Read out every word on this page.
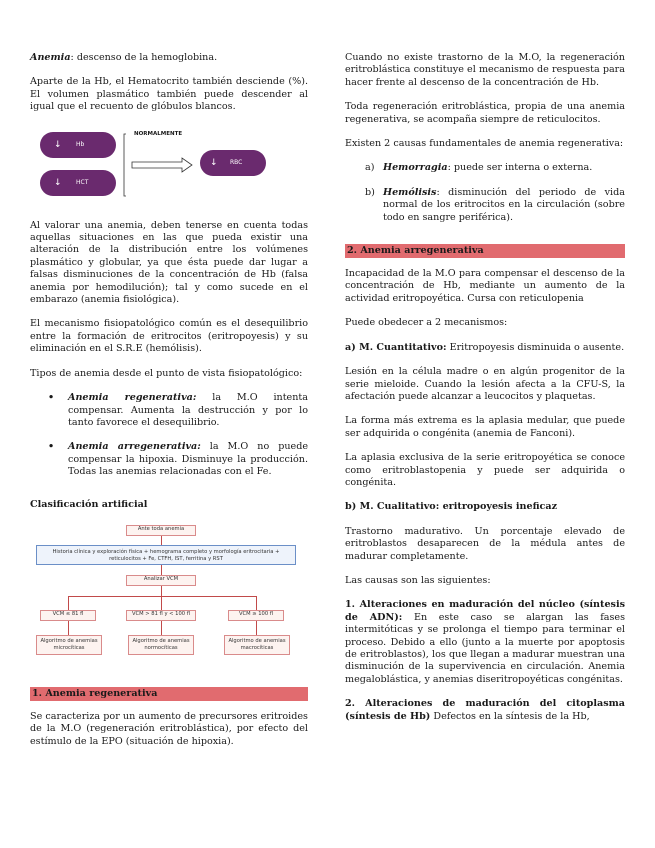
Anemia: descenso de la hemoglobina.

Aparte de la Hb, el Hematocrito también desciende (%). El volumen plasmático también puede descender al igual que el recuento de glóbulos blancos.

↓ Hb
↓ HCT
NORMALMENTE
↓ RBC

Al valorar una anemia, deben tenerse en cuenta todas aquellas situaciones en las que pueda existir una alteración de la distribución entre los volúmenes plasmático y globular, ya que ésta puede dar lugar a falsas disminuciones de la concentración de Hb (falsa anemia por hemodilución); tal y como sucede en el embarazo (anemia fisiológica).

El mecanismo fisiopatológico común es el desequilibrio entre la formación de eritrocitos (eritropoyesis) y su eliminación en el S.R.E (hemólisis).

Tipos de anemia desde el punto de vista fisiopatológico:

• Anemia regenerativa: la M.O intenta compensar. Aumenta la destrucción y por lo tanto favorece el desequilibrio.
• Anemia arregenerativa: la M.O no puede compensar la hipoxia. Disminuye la producción. Todas las anemias relacionadas con el Fe.
Clasificación artificial
Ante toda anemia
Historia clínica y exploración física + hemograma completo y morfología eritrocitaria + reticulocitos + Fe, CTFH, IST, ferritina y RST
Analizar VCM
VCM ≤ 81 fl	VCM > 81 fl y < 100 fl	VCM ≥ 100 fl
Algoritmo de anemias microcíticas
Algoritmo de anemias normocíticas
Algoritmo de anemias macrocíticas
1. Anemia regenerativa

Se caracteriza por un aumento de precursores eritroides de la M.O (regeneración eritroblástica), por efecto del estímulo de la EPO (situación de hipoxia).

Cuando no existe trastorno de la M.O, la regeneración eritroblástica constituye el mecanismo de respuesta para hacer frente al descenso de la concentración de Hb.

Toda regeneración eritroblástica, propia de una anemia regenerativa, se acompaña siempre de reticulocitos.

Existen 2 causas fundamentales de anemia regenerativa:

a) Hemorragia: puede ser interna o externa.
b) Hemólisis: disminución del periodo de vida normal de los eritrocitos en la circulación (sobre todo en sangre periférica).
2. Anemia arregenerativa

Incapacidad de la M.O para compensar el descenso de la concentración de Hb, mediante un aumento de la actividad eritropoyética. Cursa con reticulopenia

Puede obedecer a 2 mecanismos:

a) M. Cuantitativo: Eritropoyesis disminuida o ausente.

Lesión en la célula madre o en algún progenitor de la serie mieloide. Cuando la lesión afecta a la CFU-S, la afectación puede alcanzar a leucocitos y plaquetas.

La forma más extrema es la aplasia medular, que puede ser adquirida o congénita (anemia de Fanconi).

La aplasia exclusiva de la serie eritropoyética se conoce como eritroblastopenia y puede ser adquirida o congénita.

b) M. Cualitativo: eritropoyesis ineficaz

Trastorno madurativo. Un porcentaje elevado de eritroblastos desaparecen de la médula antes de madurar completamente.

Las causas son las siguientes:

1. Alteraciones en maduración del núcleo (síntesis de ADN): En este caso se alargan las fases intermitóticas y se prolonga el tiempo para terminar el proceso. Debido a ello (junto a la muerte por apoptosis de eritroblastos), los que llegan a madurar muestran una disminución de la supervivencia en circulación. Anemia megaloblástica, y anemias diseritropoyéticas congénitas.

2. Alteraciones de maduración del citoplasma (síntesis de Hb) Defectos en la síntesis de la Hb,
